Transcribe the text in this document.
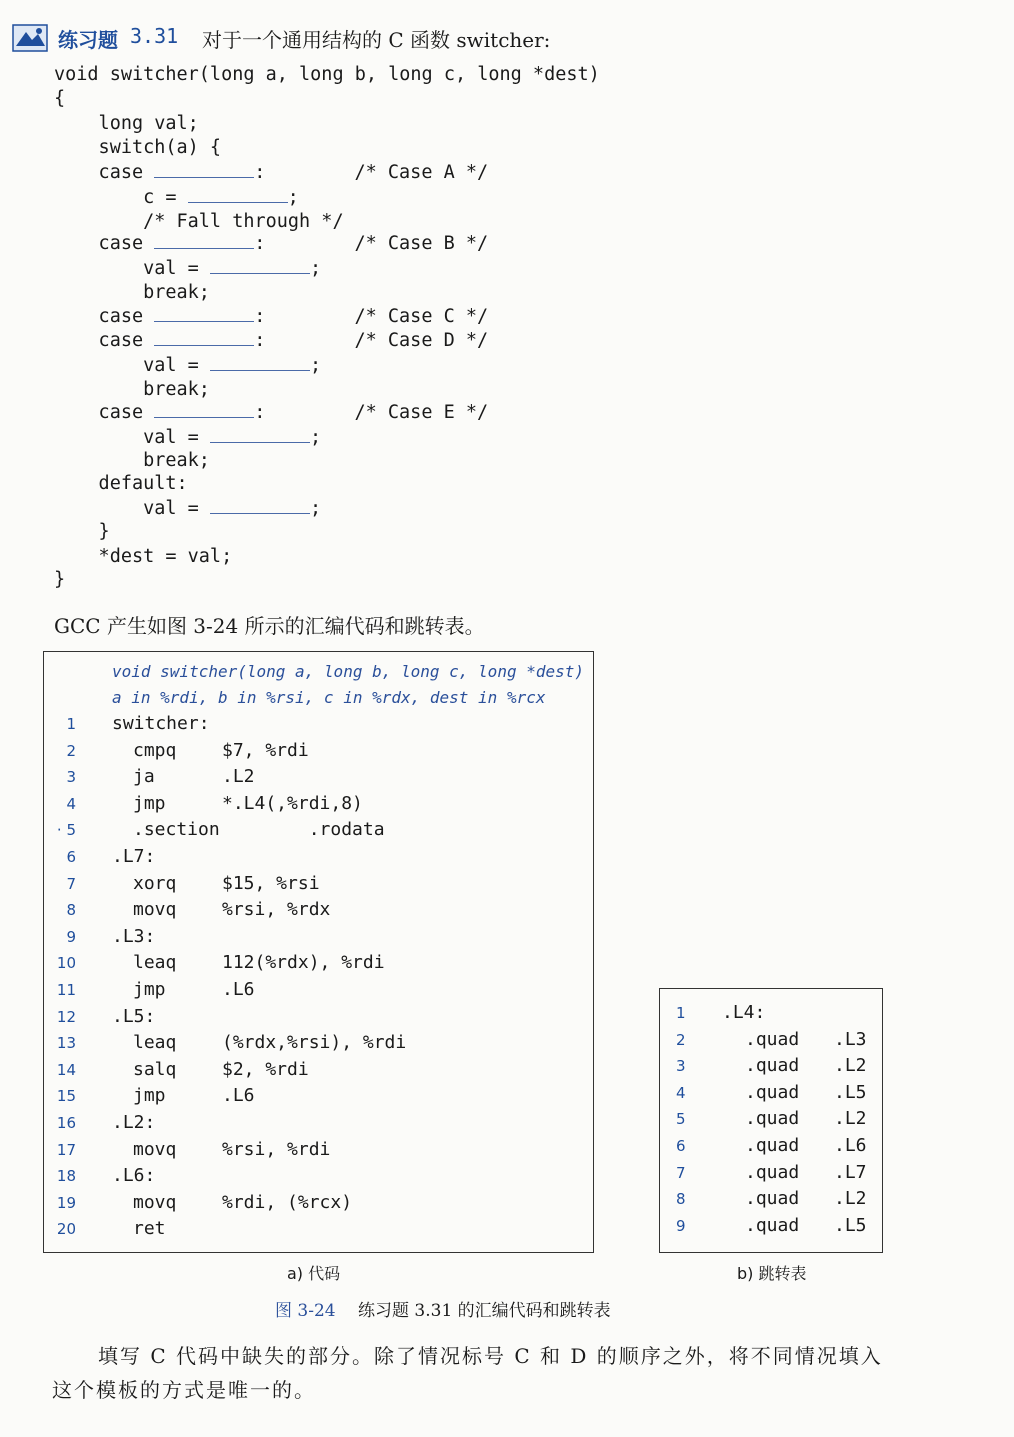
练习题 3.31 对于一个通用结构的 C 函数 switcher:
void switcher(long a, long b, long c, long *dest)
{
long val;
switch(a) {
case	:        /* Case A */
c =	;
/* Fall through */
case	:        /* Case B */
val =	;
break;
case	:        /* Case C */
case	:        /* Case D */
val =	;
break;
case	:        /* Case E */
val =	;
break;
default:
val =	;
}
*dest = val;
}
GCC 产生如图 3-24 所示的汇编代码和跳转表。
void switcher(long a, long b, long c, long *dest)
a in %rdi, b in %rsi, c in %rdx, dest in %rcx
1 switcher:
2	cmpq	$7, %rdi
3	ja	.L2
4	jmp	*.L4(,%rdi,8)
· 5	.section .rodata
6 .L7:
7	xorq	$15, %rsi
8	movq	%rsi, %rdx
9 .L3:
10	leaq	112(%rdx), %rdi
11	jmp	.L6
12 .L5:
13	leaq	(%rdx,%rsi), %rdi
14	salq	$2, %rdi
15	jmp	.L6
16 .L2:
17	movq	%rsi, %rdi
18 .L6:
19	movq	%rdi, (%rcx)
20	ret
1 .L4:
2	.quad .L3
3	.quad .L2
4	.quad .L5
5	.quad .L2
6	.quad .L6
7	.quad .L7
8	.quad .L2
9	.quad .L5
a) 代码	b) 跳转表
图 3-24 练习题 3.31 的汇编代码和跳转表
填写 C 代码中缺失的部分。除了情况标号 C 和 D 的顺序之外，将不同情况填入
这个模板的方式是唯一的。
